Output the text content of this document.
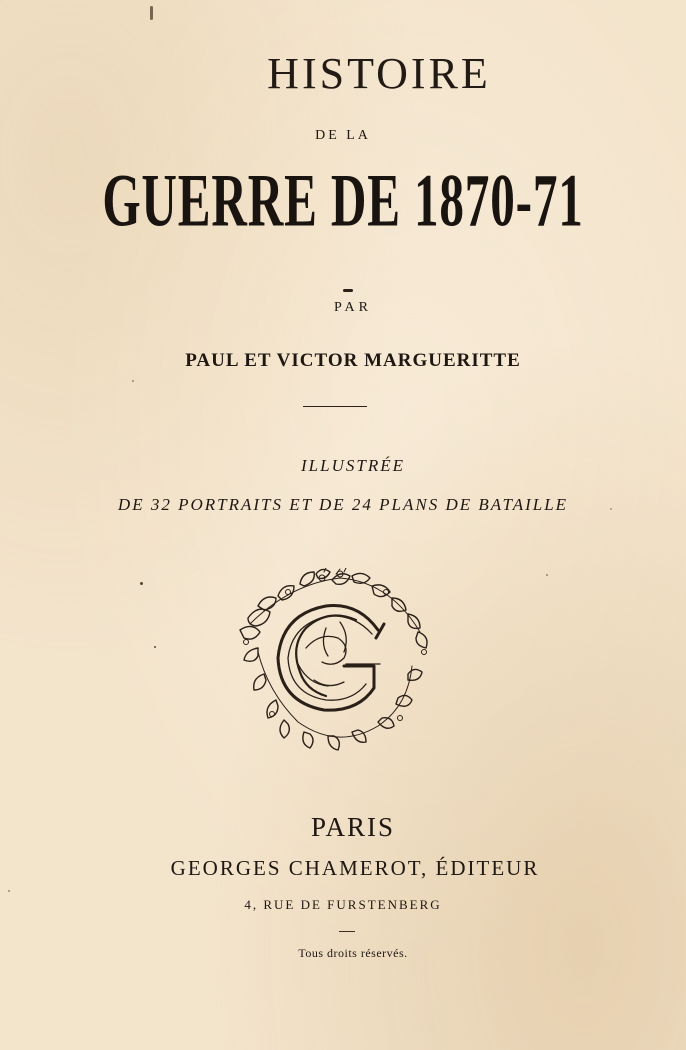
HISTOIRE
DE LA
GUERRE DE 1870-71
PAR
PAUL ET VICTOR MARGUERITTE
ILLUSTRÉE
DE 32 PORTRAITS ET DE 24 PLANS DE BATAILLE
PARIS
GEORGES CHAMEROT, ÉDITEUR
4, RUE DE FURSTENBERG
Tous droits réservés.
